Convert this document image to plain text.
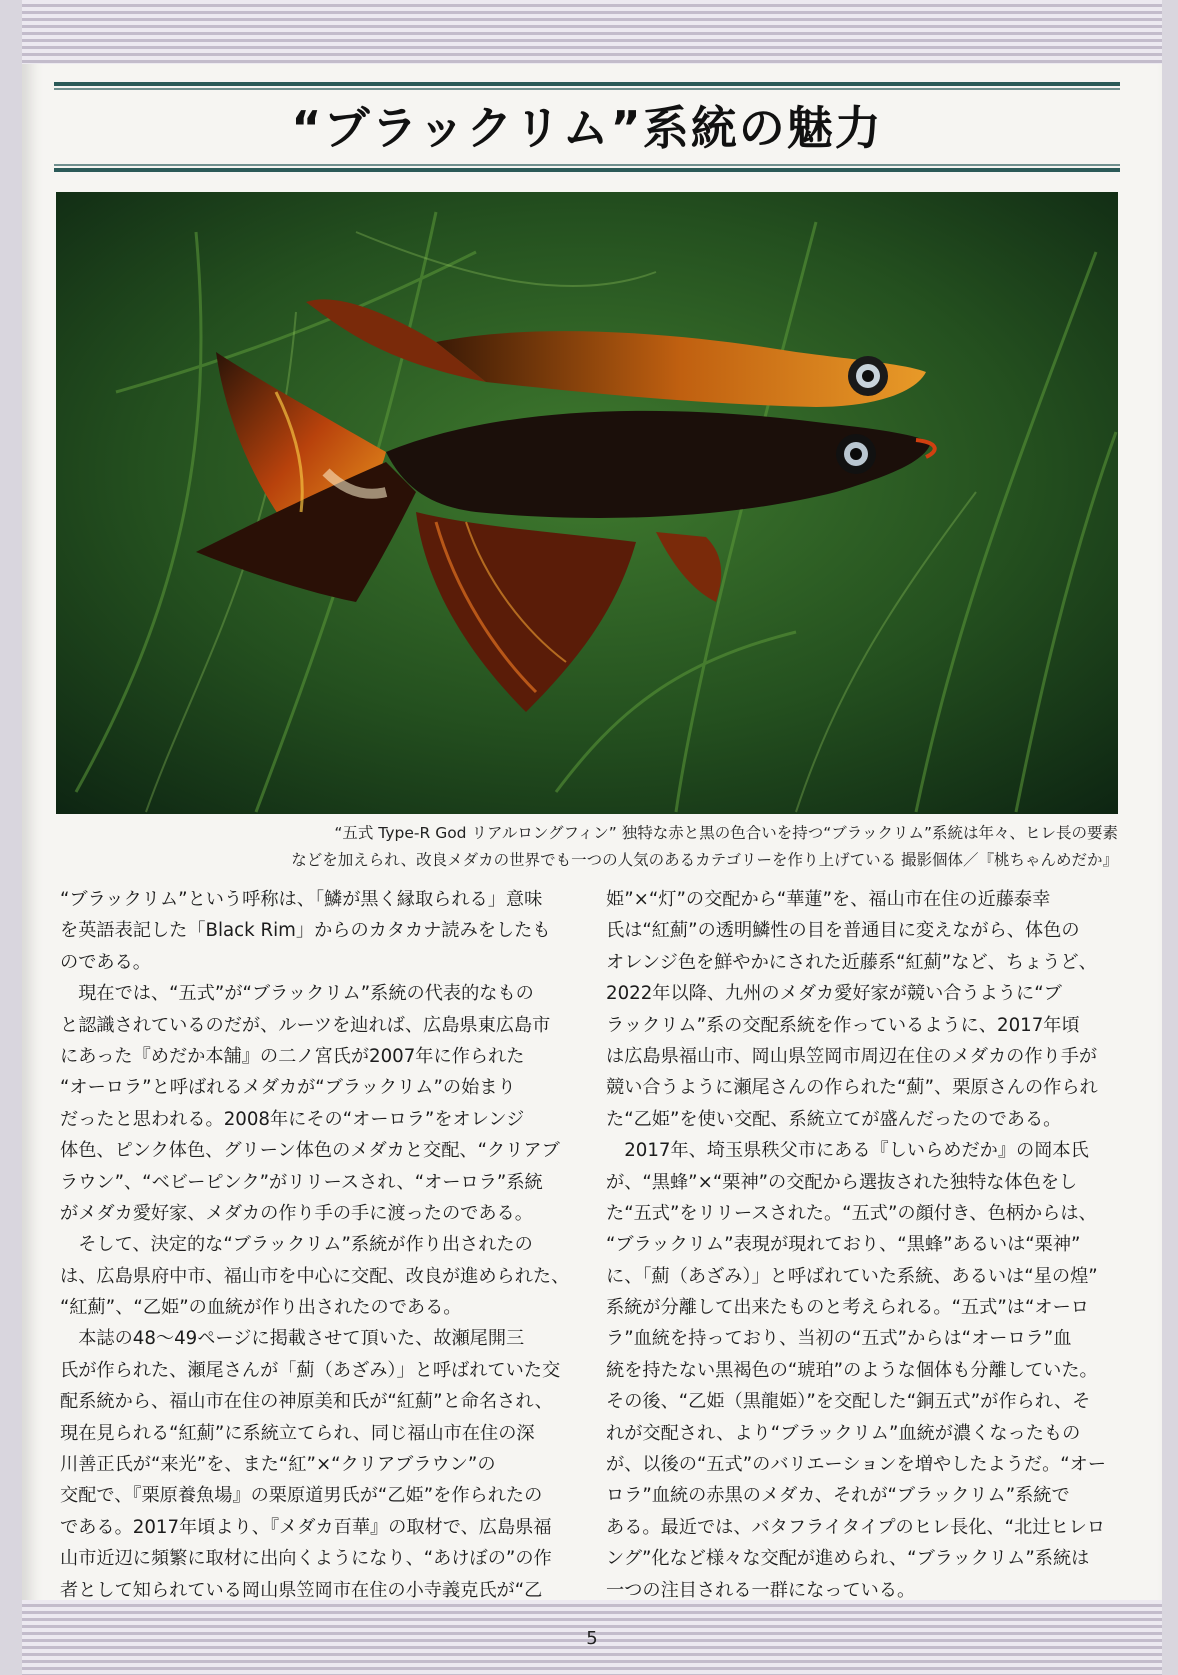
“ブラックリム”系統の魅力
“五式 Type-R God リアルロングフィン” 独特な赤と黒の色合いを持つ“ブラックリム”系統は年々、ヒレ長の要素
などを加えられ、改良メダカの世界でも一つの人気のあるカテゴリーを作り上げている 撮影個体／『桃ちゃんめだか』
“ブラックリム”という呼称は、「鱗が黒く縁取られる」意味
を英語表記した「Black Rim」からのカタカナ読みをしたも
のである。
　現在では、“五式”が“ブラックリム”系統の代表的なもの
と認識されているのだが、ルーツを辿れば、広島県東広島市
にあった『めだか本舗』の二ノ宮氏が2007年に作られた
“オーロラ”と呼ばれるメダカが“ブラックリム”の始まり
だったと思われる。2008年にその“オーロラ”をオレンジ
体色、ピンク体色、グリーン体色のメダカと交配、“クリアブ
ラウン”、“ベビーピンク”がリリースされ、“オーロラ”系統
がメダカ愛好家、メダカの作り手の手に渡ったのである。
　そして、決定的な“ブラックリム”系統が作り出されたの
は、広島県府中市、福山市を中心に交配、改良が進められた、
“紅薊”、“乙姫”の血統が作り出されたのである。
　本誌の48～49ページに掲載させて頂いた、故瀬尾開三
氏が作られた、瀬尾さんが「薊（あざみ）」と呼ばれていた交
配系統から、福山市在住の神原美和氏が“紅薊”と命名され、
現在見られる“紅薊”に系統立てられ、同じ福山市在住の深
川善正氏が“来光”を、また“紅”×“クリアブラウン”の
交配で、『栗原養魚場』の栗原道男氏が“乙姫”を作られたの
である。2017年頃より、『メダカ百華』の取材で、広島県福
山市近辺に頻繁に取材に出向くようになり、“あけぼの”の作
者として知られている岡山県笠岡市在住の小寺義克氏が“乙
姫”×“灯”の交配から“華蓮”を、福山市在住の近藤泰幸
氏は“紅薊”の透明鱗性の目を普通目に変えながら、体色の
オレンジ色を鮮やかにされた近藤系“紅薊”など、ちょうど、
2022年以降、九州のメダカ愛好家が競い合うように“ブ
ラックリム”系の交配系統を作っているように、2017年頃
は広島県福山市、岡山県笠岡市周辺在住のメダカの作り手が
競い合うように瀬尾さんの作られた“薊”、栗原さんの作られ
た“乙姫”を使い交配、系統立てが盛んだったのである。
　2017年、埼玉県秩父市にある『しいらめだか』の岡本氏
が、“黒蜂”×“栗神”の交配から選抜された独特な体色をし
た“五式”をリリースされた。“五式”の顔付き、色柄からは、
“ブラックリム”表現が現れており、“黒蜂”あるいは“栗神”
に、「薊（あざみ）」と呼ばれていた系統、あるいは“星の煌”
系統が分離して出来たものと考えられる。“五式”は“オーロ
ラ”血統を持っており、当初の“五式”からは“オーロラ”血
統を持たない黒褐色の“琥珀”のような個体も分離していた。
その後、“乙姫（黒龍姫）”を交配した“銅五式”が作られ、そ
れが交配され、より“ブラックリム”血統が濃くなったもの
が、以後の“五式”のバリエーションを増やしたようだ。“オー
ロラ”血統の赤黒のメダカ、それが“ブラックリム”系統で
ある。最近では、バタフライタイプのヒレ長化、“北辻ヒレロ
ング”化など様々な交配が進められ、“ブラックリム”系統は
一つの注目される一群になっている。
5
